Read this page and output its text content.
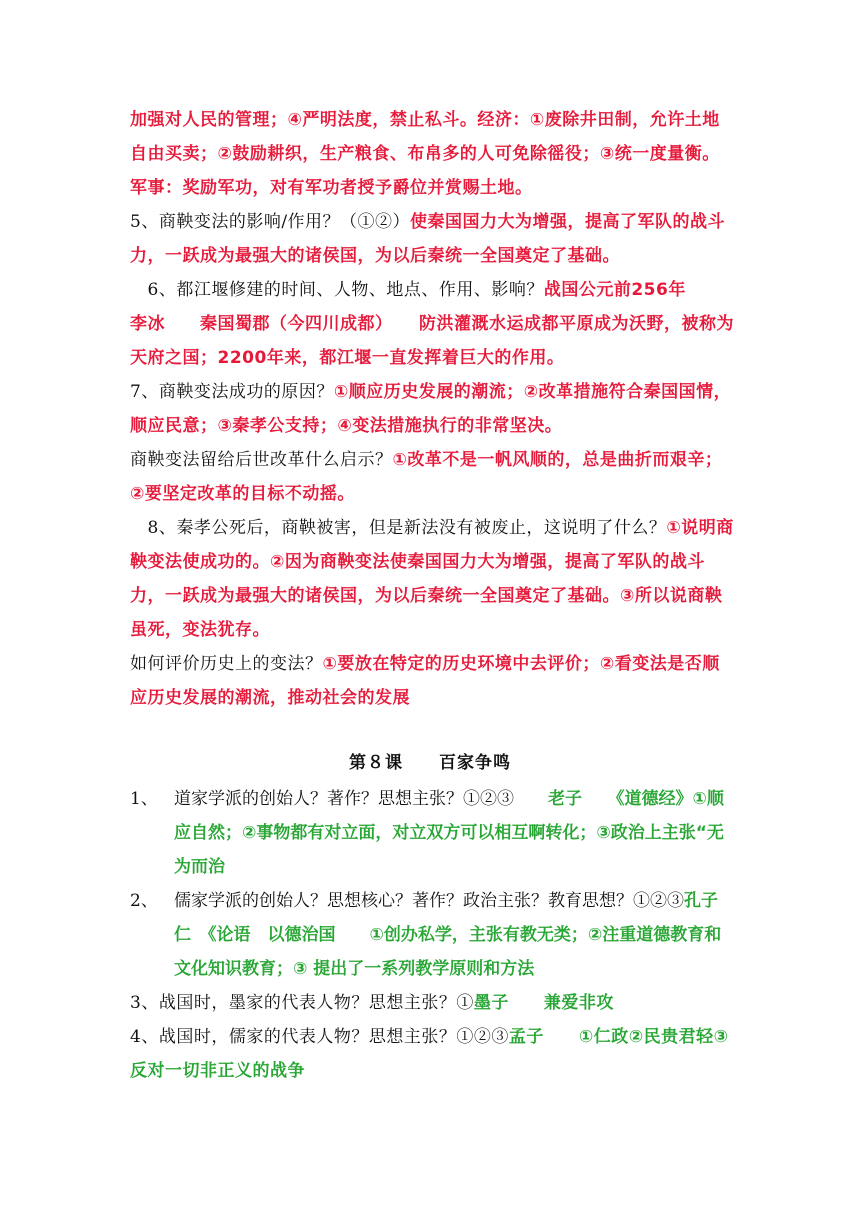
加强对人民的管理；④严明法度，禁止私斗。经济：①废除井田制，允许土地自由买卖；②鼓励耕织，生产粮食、布帛多的人可免除徭役；③统一度量衡。　军事：奖励军功，对有军功者授予爵位并赏赐土地。
5、商鞅变法的影响/作用？（①②）使秦国国力大为增强，提高了军队的战斗力，一跃成为最强大的诸侯国，为以后秦统一全国奠定了基础。
　6、都江堰修建的时间、人物、地点、作用、影响？战国公元前256年　　李冰　　秦国蜀郡（今四川成都）　　防洪灌溉水运成都平原成为沃野，被称为天府之国；2200年来，都江堰一直发挥着巨大的作用。
7、商鞅变法成功的原因？①顺应历史发展的潮流；②改革措施符合秦国国情，顺应民意；③秦孝公支持；④变法措施执行的非常坚决。
商鞅变法留给后世改革什么启示？①改革不是一帆风顺的，总是曲折而艰辛；②要坚定改革的目标不动摇。
　8、秦孝公死后，商鞅被害，但是新法没有被废止，这说明了什么？①说明商鞅变法使成功的。②因为商鞅变法使秦国国力大为增强，提高了军队的战斗力，一跃成为最强大的诸侯国，为以后秦统一全国奠定了基础。③所以说商鞅虽死，变法犹存。
如何评价历史上的变法？①要放在特定的历史环境中去评价；②看变法是否顺应历史发展的潮流，推动社会的发展
第８课 百家争鸣
1、 道家学派的创始人？著作？思想主张？①②③　　老子　　《道德经》①顺应自然；②事物都有对立面，对立双方可以相互啊转化；③政治上主张“无为而治
2、 儒家学派的创始人？思想核心？著作？政治主张？教育思想？①②③孔子　仁　《论语　以德治国　　①创办私学，主张有教无类；②注重道德教育和文化知识教育；③ 提出了一系列教学原则和方法
3、战国时，墨家的代表人物？思想主张？①墨子　　兼爱非攻
4、战国时，儒家的代表人物？思想主张？①②③孟子　　①仁政②民贵君轻③反对一切非正义的战争
